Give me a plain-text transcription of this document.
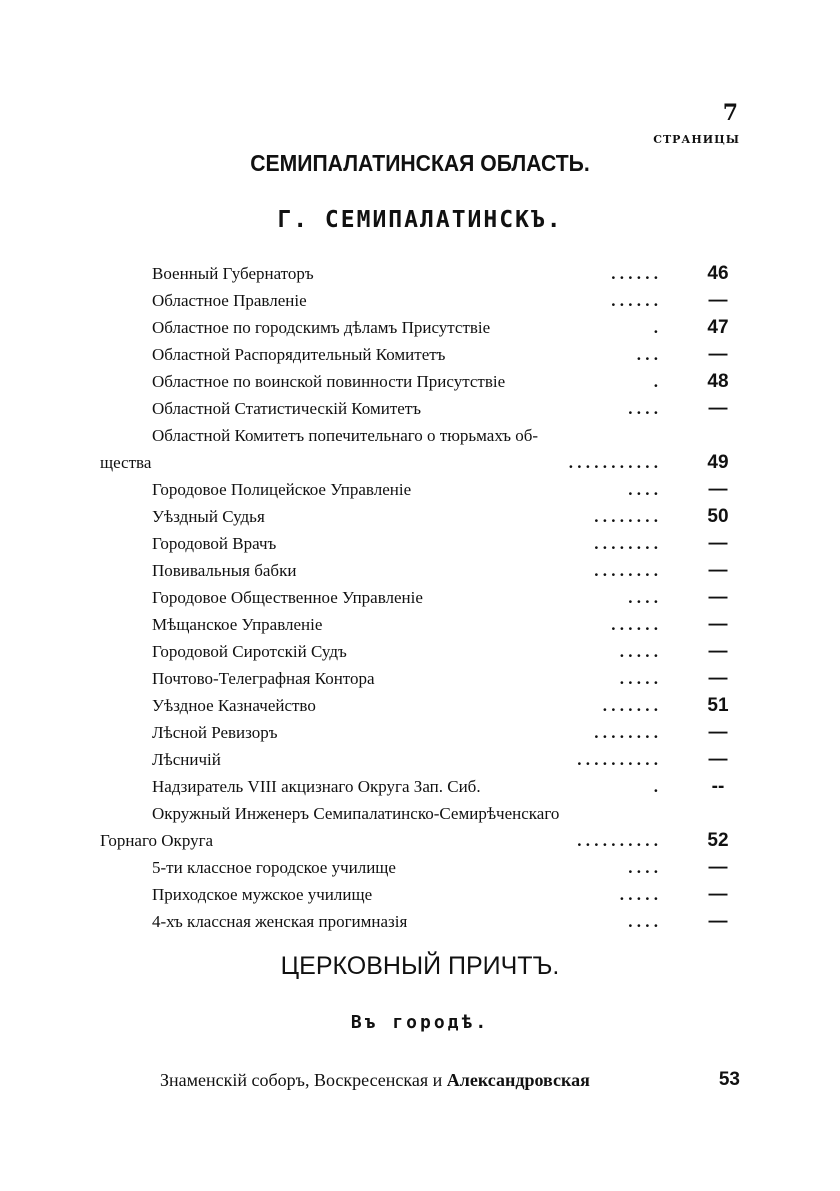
7
СТРАНИЦЫ
СЕМИПАЛАТИНСКАЯ ОБЛАСТЬ.
Г. СЕМИПАЛАТИНСКЪ.
Военный Губернаторъ	. . . . . .	46
Областное Правленіе	. . . . . .	—
Областное по городскимъ дѣламъ Присутствіе	.	47
Областной Распорядительный Комитетъ	. . .	—
Областное по воинской повинности Присутствіе	.	48
Областной Статистическій Комитетъ	. . . .	—
Областной Комитетъ попечительнаго о тюрьмахъ об-
щества	. . . . . . . . . . .	49
Городовое Полицейское Управленіе	. . . .	—
Уѣздный Судья	. . . . . . . .	50
Городовой Врачъ	. . . . . . . .	—
Повивальныя бабки	. . . . . . . .	—
Городовое Общественное Управленіе	. . . .	—
Мѣщанское Управленіе	. . . . . .	—
Городовой Сиротскій Судъ	. . . . .	—
Почтово-Телеграфная Контора	. . . . .	—
Уѣздное Казначейство	. . . . . . .	51
Лѣсной Ревизоръ	. . . . . . . .	—
Лѣсничій	. . . . . . . . . .	—
Надзиратель VIII акцизнаго Округа Зап. Сиб.	.	--
Окружный Инженеръ Семипалатинско-Семирѣченскаго
Горнаго Округа	. . . . . . . . . .	52
5-ти классное городское училище	. . . .	—
Приходское мужское училище	. . . . .	—
4-хъ классная женская прогимназія	. . . .	—
ЦЕРКОВНЫЙ ПРИЧТЪ.
Въ городѣ.
Знаменскій соборъ, Воскресенская и Александровская	53
